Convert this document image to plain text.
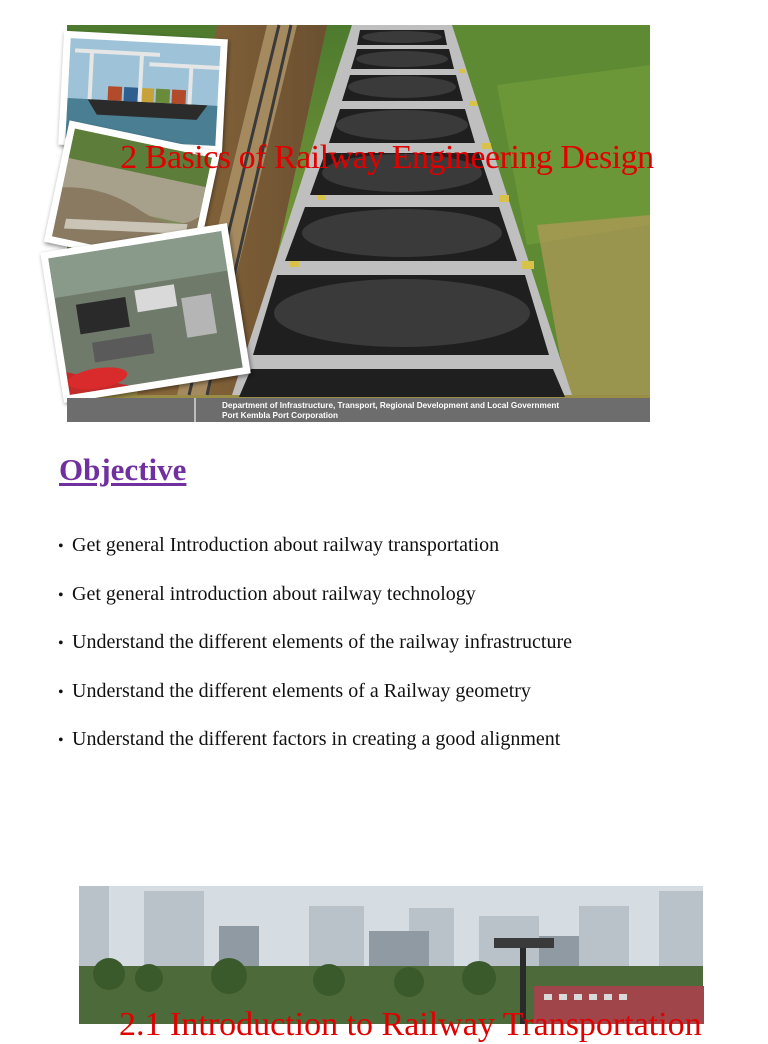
2 Basics of Railway Engineering Design
Department of Infrastructure, Transport, Regional Development and Local Government
Port Kembla Port Corporation
Objective
• Get general Introduction about railway transportation
• Get general introduction about railway technology
• Understand the different elements of the railway infrastructure
• Understand the different elements of a Railway geometry
• Understand the different factors in creating a good alignment
2.1 Introduction to Railway Transportation
